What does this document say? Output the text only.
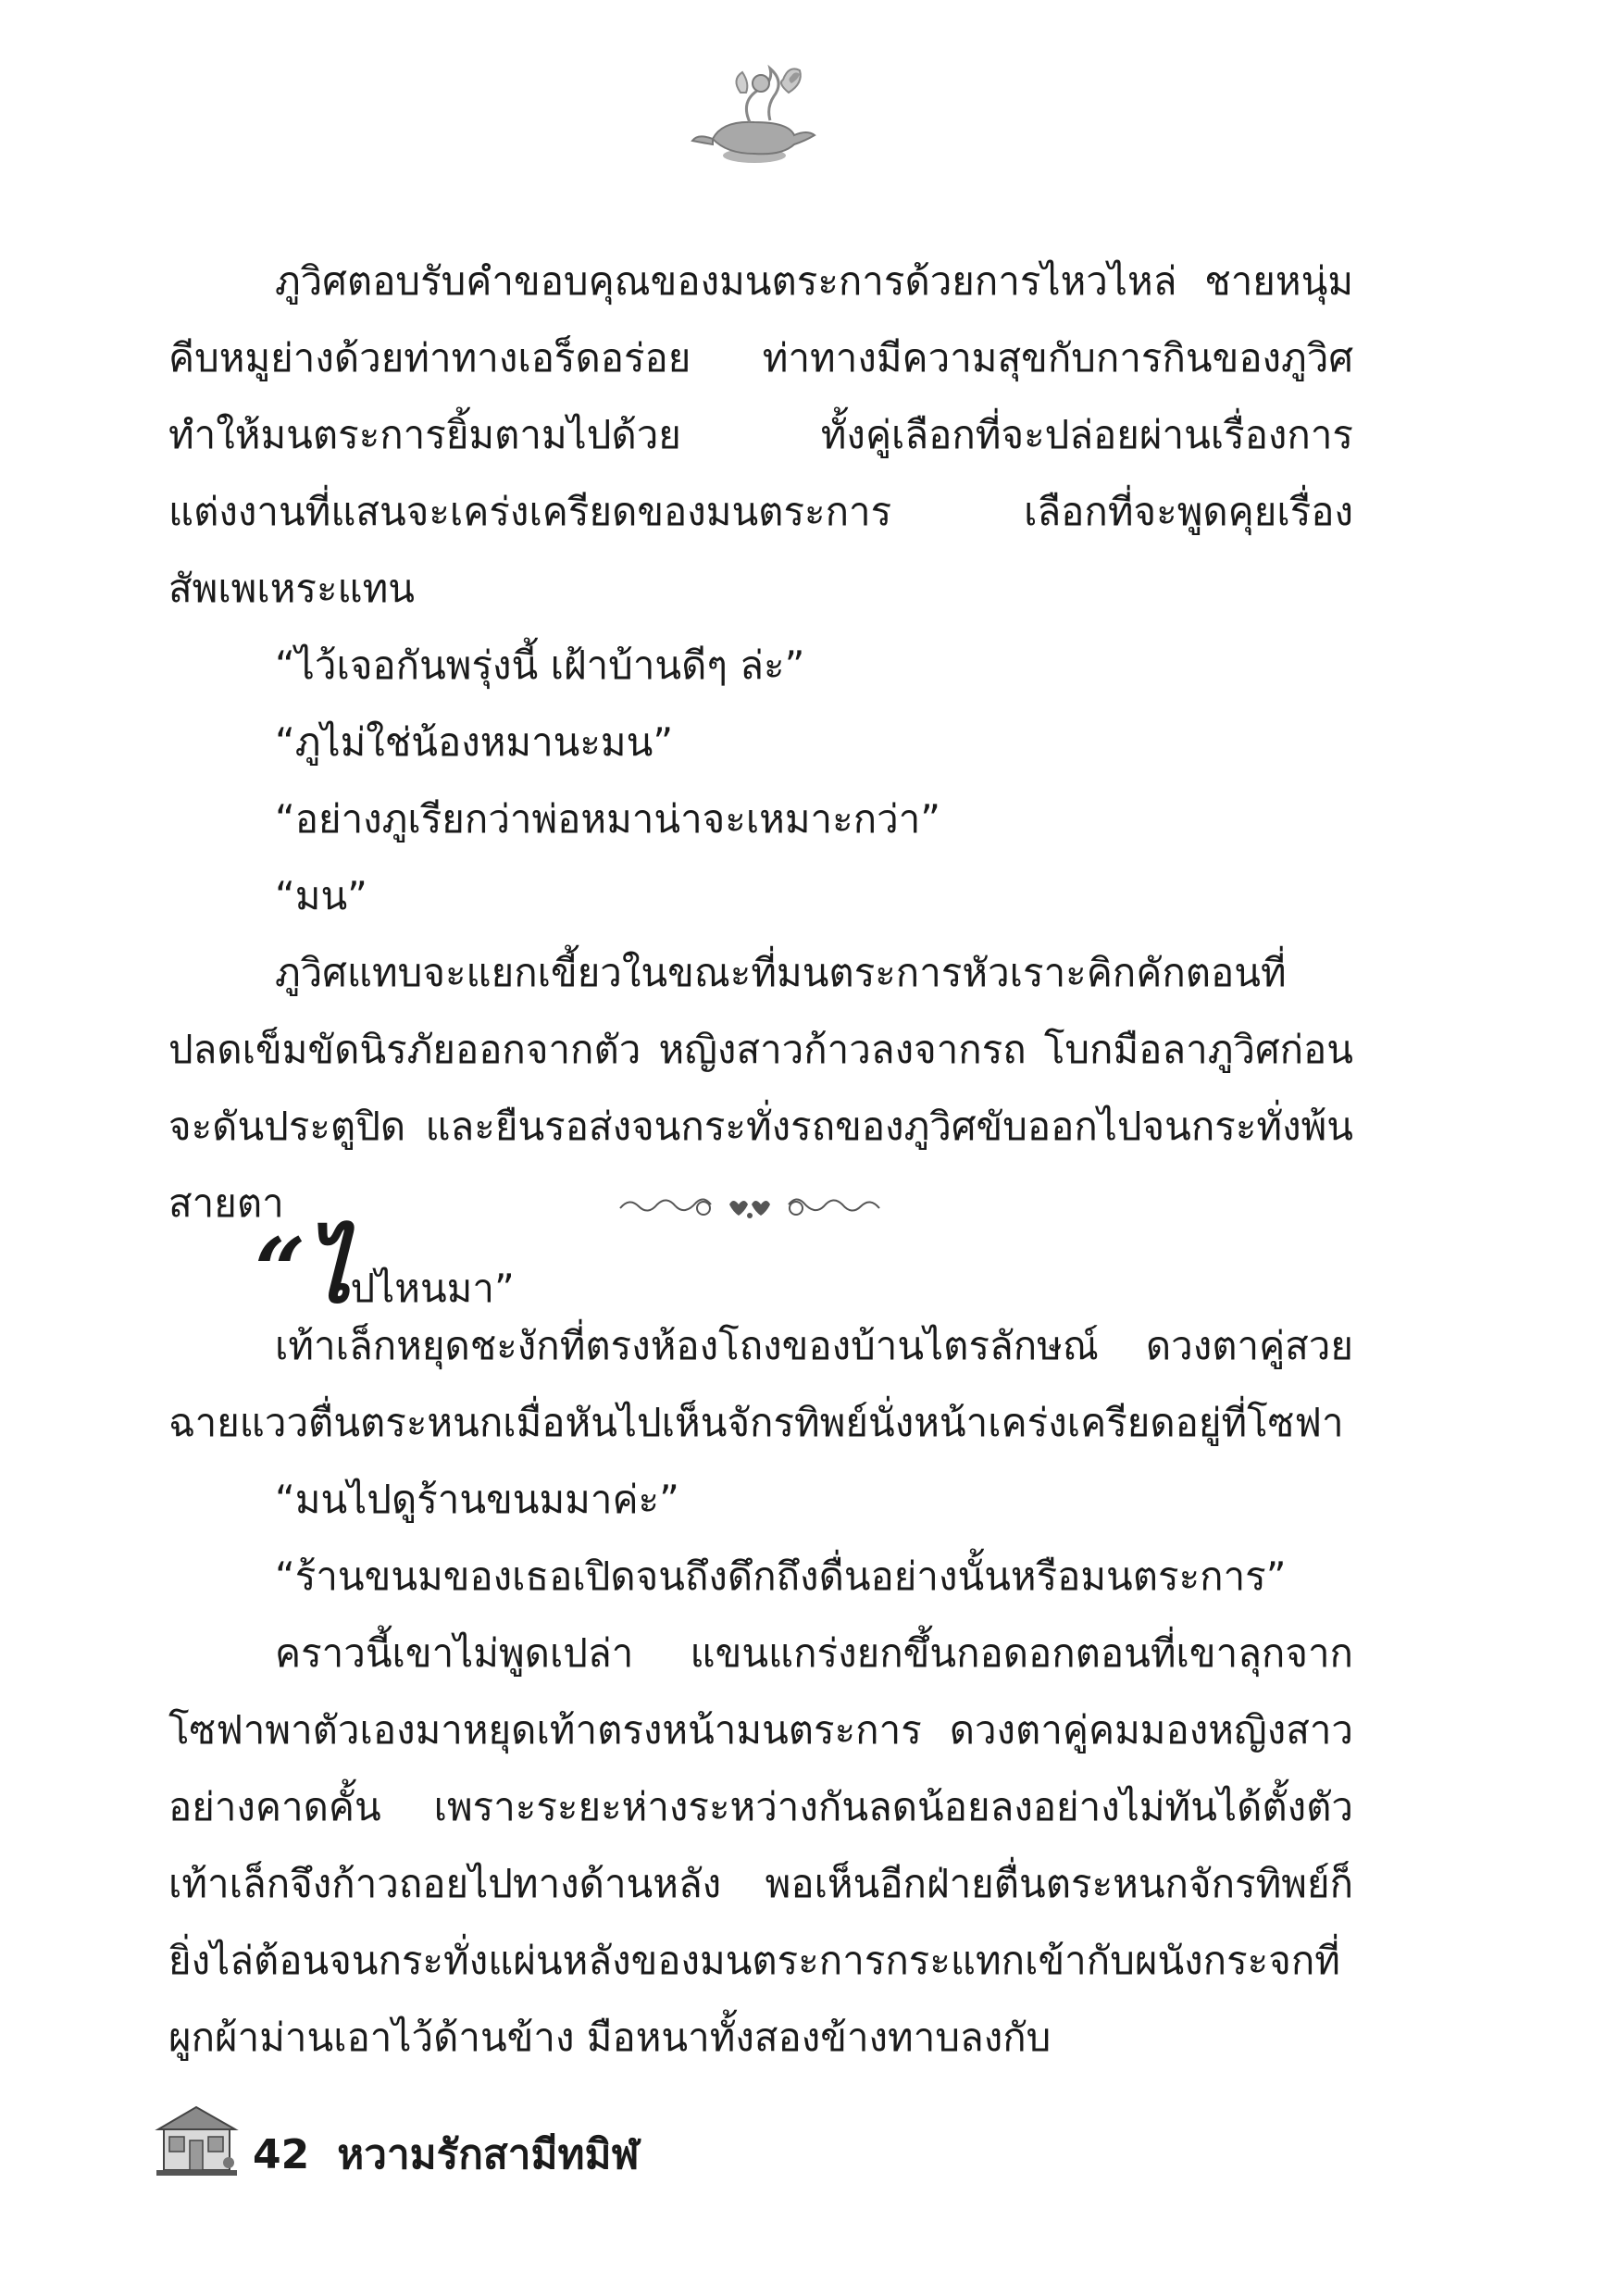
ภูวิศตอบรับคำขอบคุณของมนตระการด้วยการไหวไหล่ ชายหนุ่มคีบหมูย่างด้วยท่าทางเอร็ดอร่อย ท่าทางมีความสุขกับการกินของภูวิศทำให้มนตระการยิ้มตามไปด้วย ทั้งคู่เลือกที่จะปล่อยผ่านเรื่องการแต่งงานที่แสนจะเคร่งเครียดของมนตระการ เลือกที่จะพูดคุยเรื่องสัพเพเหระแทน

“ไว้เจอกันพรุ่งนี้ เฝ้าบ้านดีๆ ล่ะ”

“ภูไม่ใช่น้องหมานะมน”

“อย่างภูเรียกว่าพ่อหมาน่าจะเหมาะกว่า”

“มน”

ภูวิศแทบจะแยกเขี้ยวในขณะที่มนตระการหัวเราะคิกคักตอนที่ปลดเข็มขัดนิรภัยออกจากตัว หญิงสาวก้าวลงจากรถ โบกมือลาภูวิศก่อนจะดันประตูปิด และยืนรอส่งจนกระทั่งรถของภูวิศขับออกไปจนกระทั่งพ้นสายตา

“ไปไหนมา”

เท้าเล็กหยุดชะงักที่ตรงห้องโถงของบ้านไตรลักษณ์ ดวงตาคู่สวยฉายแววตื่นตระหนกเมื่อหันไปเห็นจักรทิพย์นั่งหน้าเคร่งเครียดอยู่ที่โซฟา

“มนไปดูร้านขนมมาค่ะ”

“ร้านขนมของเธอเปิดจนถึงดึกถึงดื่นอย่างนั้นหรือมนตระการ”

คราวนี้เขาไม่พูดเปล่า แขนแกร่งยกขึ้นกอดอกตอนที่เขาลุกจากโซฟาพาตัวเองมาหยุดเท้าตรงหน้ามนตระการ ดวงตาคู่คมมองหญิงสาวอย่างคาดคั้น เพราะระยะห่างระหว่างกันลดน้อยลงอย่างไม่ทันได้ตั้งตัว เท้าเล็กจึงก้าวถอยไปทางด้านหลัง พอเห็นอีกฝ่ายตื่นตระหนกจักรทิพย์ก็ยิ่งไล่ต้อนจนกระทั่งแผ่นหลังของมนตระการกระแทกเข้ากับผนังกระจกที่ผูกผ้าม่านเอาไว้ด้านข้าง มือหนาทั้งสองข้างทาบลงกับ

42 หวามรักสามีทมิฬ
